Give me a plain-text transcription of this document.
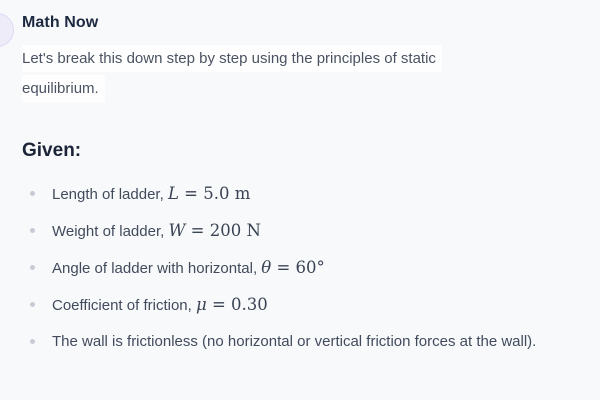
Math Now

Let's break this down step by step using the principles of static equilibrium.

Given:
Length of ladder, L = 5.0 m
Weight of ladder, W = 200 N
Angle of ladder with horizontal, θ = 60°
Coefficient of friction, μ = 0.30
The wall is frictionless (no horizontal or vertical friction forces at the wall).
